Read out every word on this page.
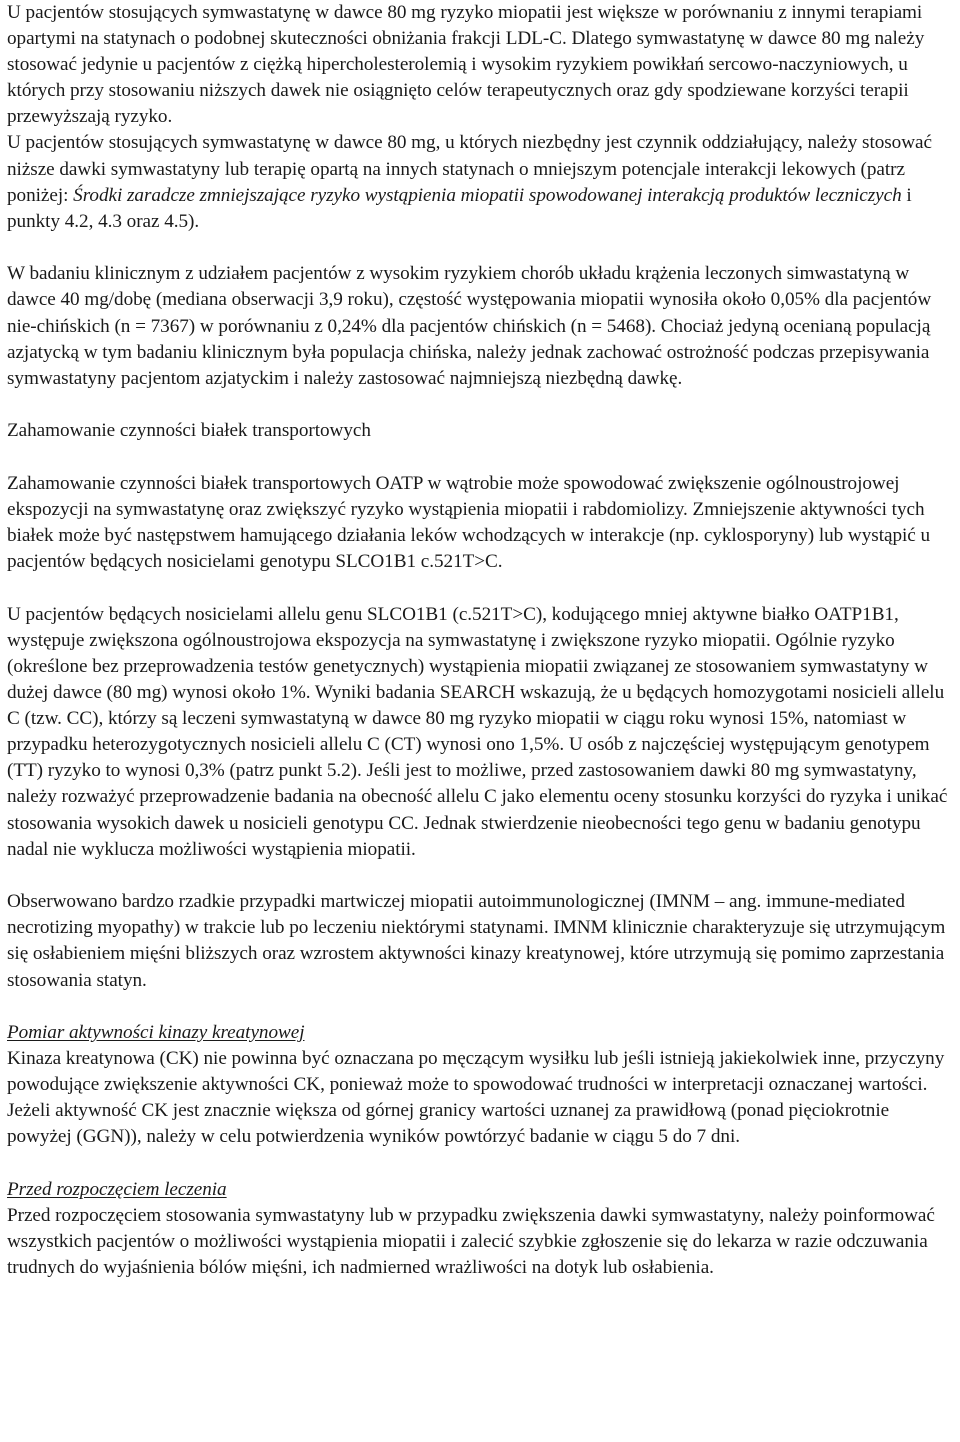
U pacjentów stosujących symwastatynę w dawce 80 mg ryzyko miopatii jest większe w porównaniu z innymi terapiami opartymi na statynach o podobnej skuteczności obniżania frakcji LDL-C. Dlatego symwastatynę w dawce 80 mg należy stosować jedynie u pacjentów z ciężką hipercholesterolemią i wysokim ryzykiem powikłań sercowo-naczyniowych, u których przy stosowaniu niższych dawek nie osiągnięto celów terapeutycznych oraz gdy spodziewane korzyści terapii przewyższają ryzyko.

U pacjentów stosujących symwastatynę w dawce 80 mg, u których niezbędny jest czynnik oddziałujący, należy stosować niższe dawki symwastatyny lub terapię opartą na innych statynach o mniejszym potencjale interakcji lekowych (patrz poniżej: Środki zaradcze zmniejszające ryzyko wystąpienia miopatii spowodowanej interakcją produktów leczniczych i punkty 4.2, 4.3 oraz 4.5).

W badaniu klinicznym z udziałem pacjentów z wysokim ryzykiem chorób układu krążenia leczonych simwastatyną w dawce 40 mg/dobę (mediana obserwacji 3,9 roku), częstość występowania miopatii wynosiła około 0,05% dla pacjentów nie-chińskich (n = 7367) w porównaniu z 0,24% dla pacjentów chińskich (n = 5468). Chociaż jedyną ocenianą populacją azjatycką w tym badaniu klinicznym była populacja chińska, należy jednak zachować ostrożność podczas przepisywania symwastatyny pacjentom azjatyckim i należy zastosować najmniejszą niezbędną dawkę.

Zahamowanie czynności białek transportowych

Zahamowanie czynności białek transportowych OATP w wątrobie może spowodować zwiększenie ogólnoustrojowej ekspozycji na symwastatynę oraz zwiększyć ryzyko wystąpienia miopatii i rabdomiolizy. Zmniejszenie aktywności tych białek może być następstwem hamującego działania leków wchodzących w interakcje (np. cyklosporyny) lub wystąpić u pacjentów będących nosicielami genotypu SLCO1B1 c.521T>C.

U pacjentów będących nosicielami allelu genu SLCO1B1 (c.521T>C), kodującego mniej aktywne białko OATP1B1, występuje zwiększona ogólnoustrojowa ekspozycja na symwastatynę i zwiększone ryzyko miopatii. Ogólnie ryzyko (określone bez przeprowadzenia testów genetycznych) wystąpienia miopatii związanej ze stosowaniem symwastatyny w dużej dawce (80 mg) wynosi około 1%. Wyniki badania SEARCH wskazują, że u będących homozygotami nosicieli allelu C (tzw. CC), którzy są leczeni symwastatyną w dawce 80 mg ryzyko miopatii w ciągu roku wynosi 15%, natomiast w przypadku heterozygotycznych nosicieli allelu C (CT) wynosi ono 1,5%. U osób z najczęściej występującym genotypem (TT) ryzyko to wynosi 0,3% (patrz punkt 5.2). Jeśli jest to możliwe, przed zastosowaniem dawki 80 mg symwastatyny, należy rozważyć przeprowadzenie badania na obecność allelu C jako elementu oceny stosunku korzyści do ryzyka i unikać stosowania wysokich dawek u nosicieli genotypu CC. Jednak stwierdzenie nieobecności tego genu w badaniu genotypu nadal nie wyklucza możliwości wystąpienia miopatii.

Obserwowano bardzo rzadkie przypadki martwiczej miopatii autoimmunologicznej (IMNM – ang. immune-mediated necrotizing myopathy) w trakcie lub po leczeniu niektórymi statynami. IMNM klinicznie charakteryzuje się utrzymującym się osłabieniem mięśni bliższych oraz wzrostem aktywności kinazy kreatynowej, które utrzymują się pomimo zaprzestania stosowania statyn.

Pomiar aktywności kinazy kreatynowej

Kinaza kreatynowa (CK) nie powinna być oznaczana po męczącym wysiłku lub jeśli istnieją jakiekolwiek inne, przyczyny powodujące zwiększenie aktywności CK, ponieważ może to spowodować trudności w interpretacji oznaczanej wartości. Jeżeli aktywność CK jest znacznie większa od górnej granicy wartości uznanej za prawidłową (ponad pięciokrotnie powyżej (GGN)), należy w celu potwierdzenia wyników powtórzyć badanie w ciągu 5 do 7 dni.

Przed rozpoczęciem leczenia

Przed rozpoczęciem stosowania symwastatyny lub w przypadku zwiększenia dawki symwastatyny, należy poinformować wszystkich pacjentów o możliwości wystąpienia miopatii i zalecić szybkie zgłoszenie się do lekarza w razie odczuwania trudnych do wyjaśnienia bólów mięśni, ich nadmierned wrażliwości na dotyk lub osłabienia.
